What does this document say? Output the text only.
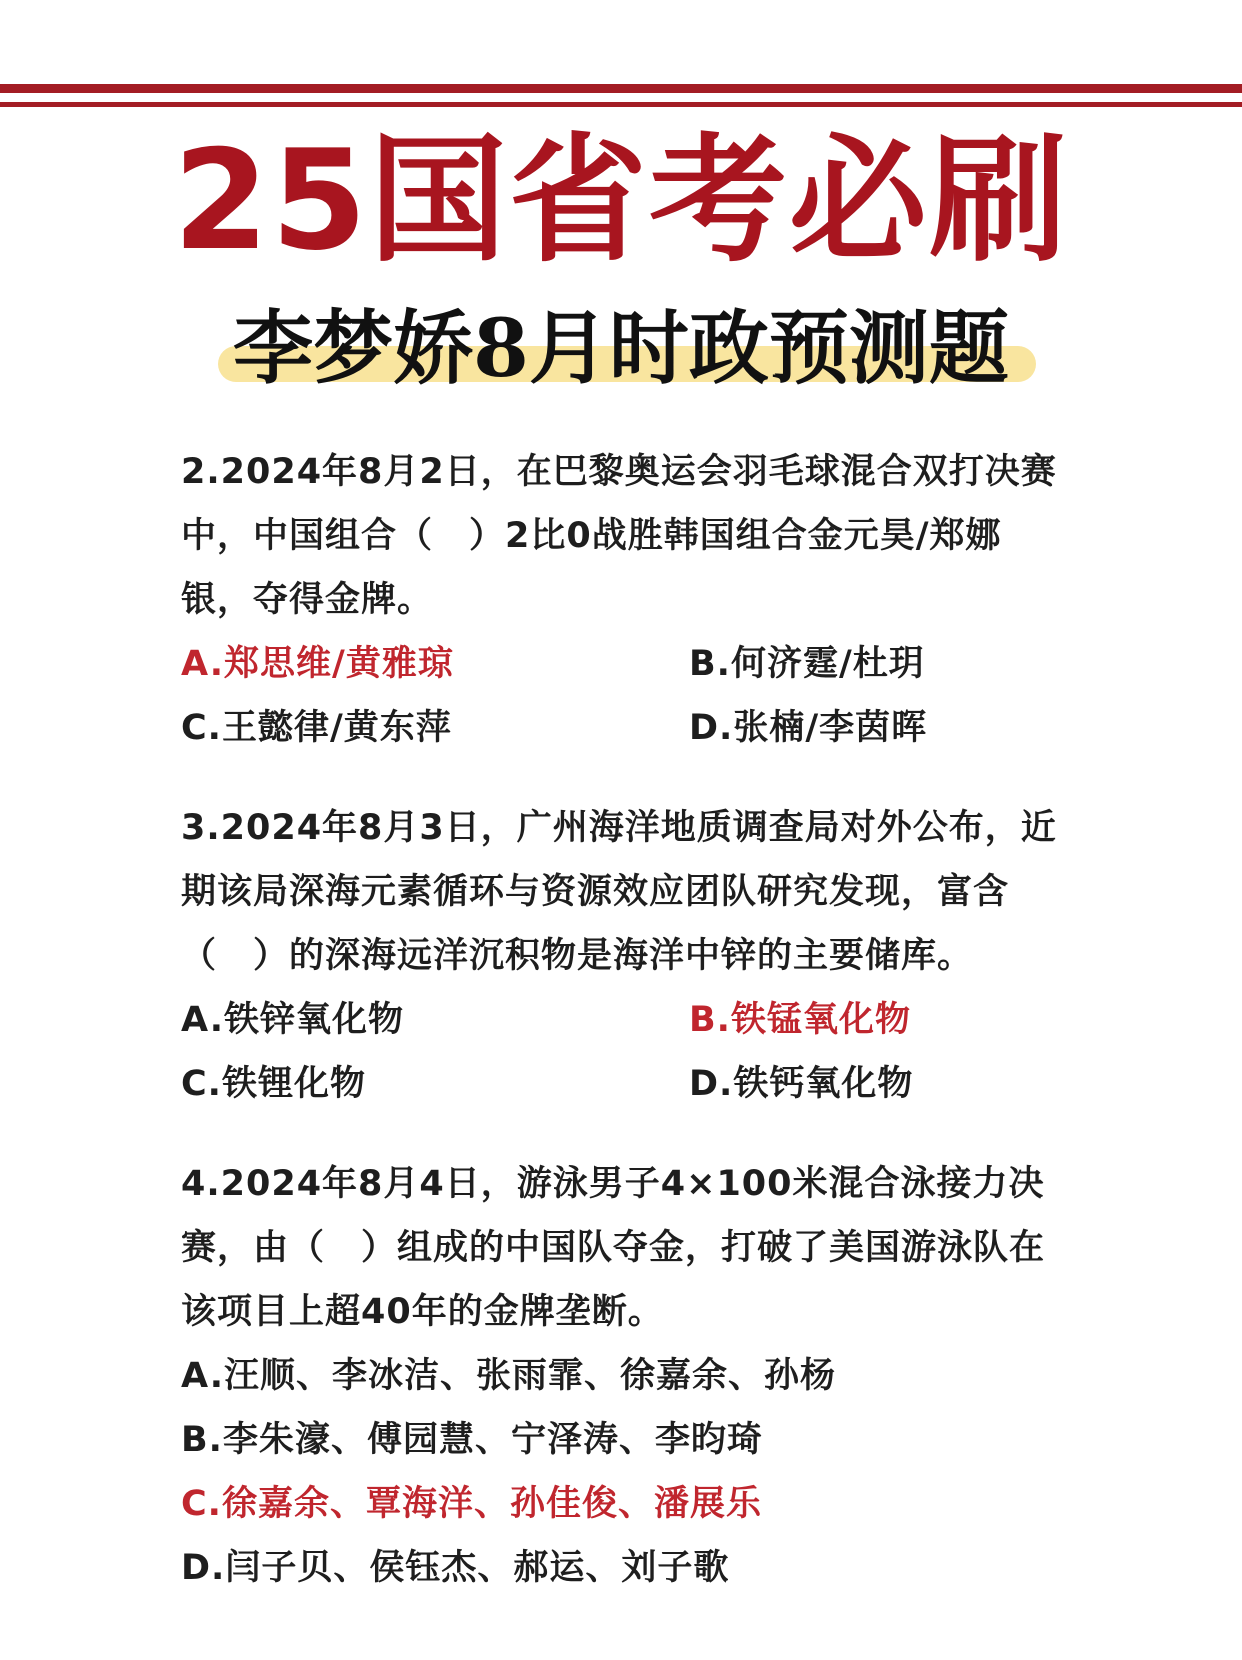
25国省考必刷
李梦娇8月时政预测题

2.2024年8月2日，在巴黎奥运会羽毛球混合双打决赛中，中国组合（　）2比0战胜韩国组合金元昊/郑娜银，夺得金牌。

A.郑思维/黄雅琼	B.何济霆/杜玥
C.王懿律/黄东萍	D.张楠/李茵晖

3.2024年8月3日，广州海洋地质调查局对外公布，近期该局深海元素循环与资源效应团队研究发现，富含（　）的深海远洋沉积物是海洋中锌的主要储库。

A.铁锌氧化物	B.铁锰氧化物
C.铁锂化物	D.铁钙氧化物

4.2024年8月4日，游泳男子4×100米混合泳接力决赛，由（　）组成的中国队夺金，打破了美国游泳队在该项目上超40年的金牌垄断。

A.汪顺、李冰洁、张雨霏、徐嘉余、孙杨
B.李朱濠、傅园慧、宁泽涛、李昀琦
C.徐嘉余、覃海洋、孙佳俊、潘展乐
D.闫子贝、侯钰杰、郝运、刘子歌
